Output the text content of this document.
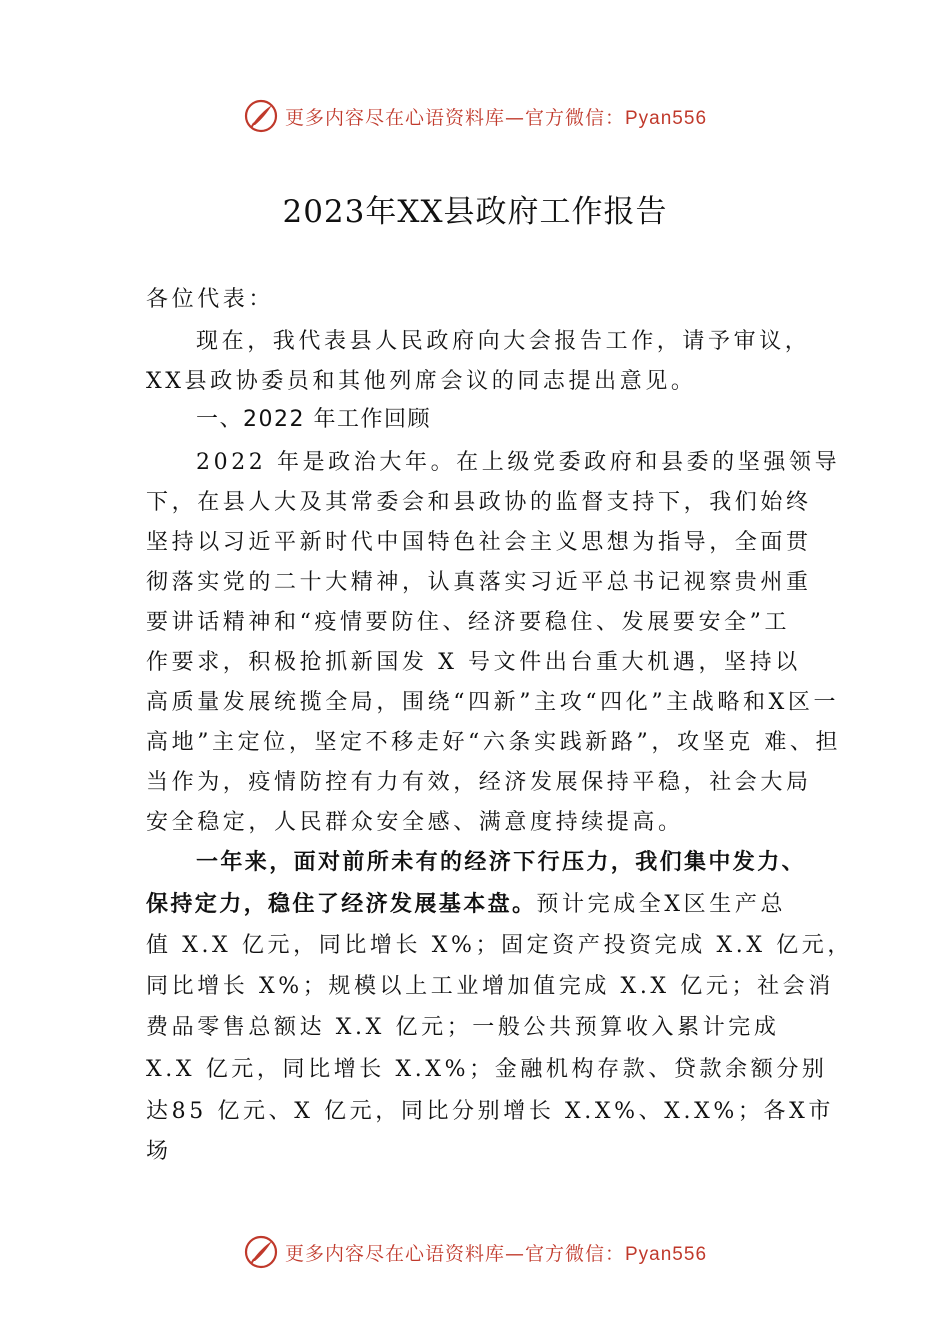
更多内容尽在心语资料库—官方微信：Pyan556
2023年XX县政府工作报告
各位代表：
现在，我代表县人民政府向大会报告工作，请予审议，
XX县政协委员和其他列席会议的同志提出意见。
一、2022 年工作回顾
2022 年是政治大年。在上级党委政府和县委的坚强领导
下，在县人大及其常委会和县政协的监督支持下，我们始终
坚持以习近平新时代中国特色社会主义思想为指导，全面贯
彻落实党的二十大精神，认真落实习近平总书记视察贵州重
要讲话精神和“疫情要防住、经济要稳住、发展要安全”工
作要求，积极抢抓新国发 X 号文件出台重大机遇，坚持以
高质量发展统揽全局，围绕“四新”主攻“四化”主战略和X区一
高地”主定位，坚定不移走好“六条实践新路”，攻坚克 难、担
当作为，疫情防控有力有效，经济发展保持平稳，社会大局
安全稳定，人民群众安全感、满意度持续提高。
一年来，面对前所未有的经济下行压力，我们集中发力、
保持定力，稳住了经济发展基本盘。预计完成全X区生产总
值 X.X 亿元，同比增长 X%；固定资产投资完成 X.X 亿元，
同比增长 X%；规模以上工业增加值完成 X.X 亿元；社会消
费品零售总额达 X.X 亿元；一般公共预算收入累计完成
X.X 亿元，同比增长 X.X%；金融机构存款、贷款余额分别
达85 亿元、X 亿元，同比分别增长 X.X%、X.X%；各X市
场
更多内容尽在心语资料库—官方微信：Pyan556
